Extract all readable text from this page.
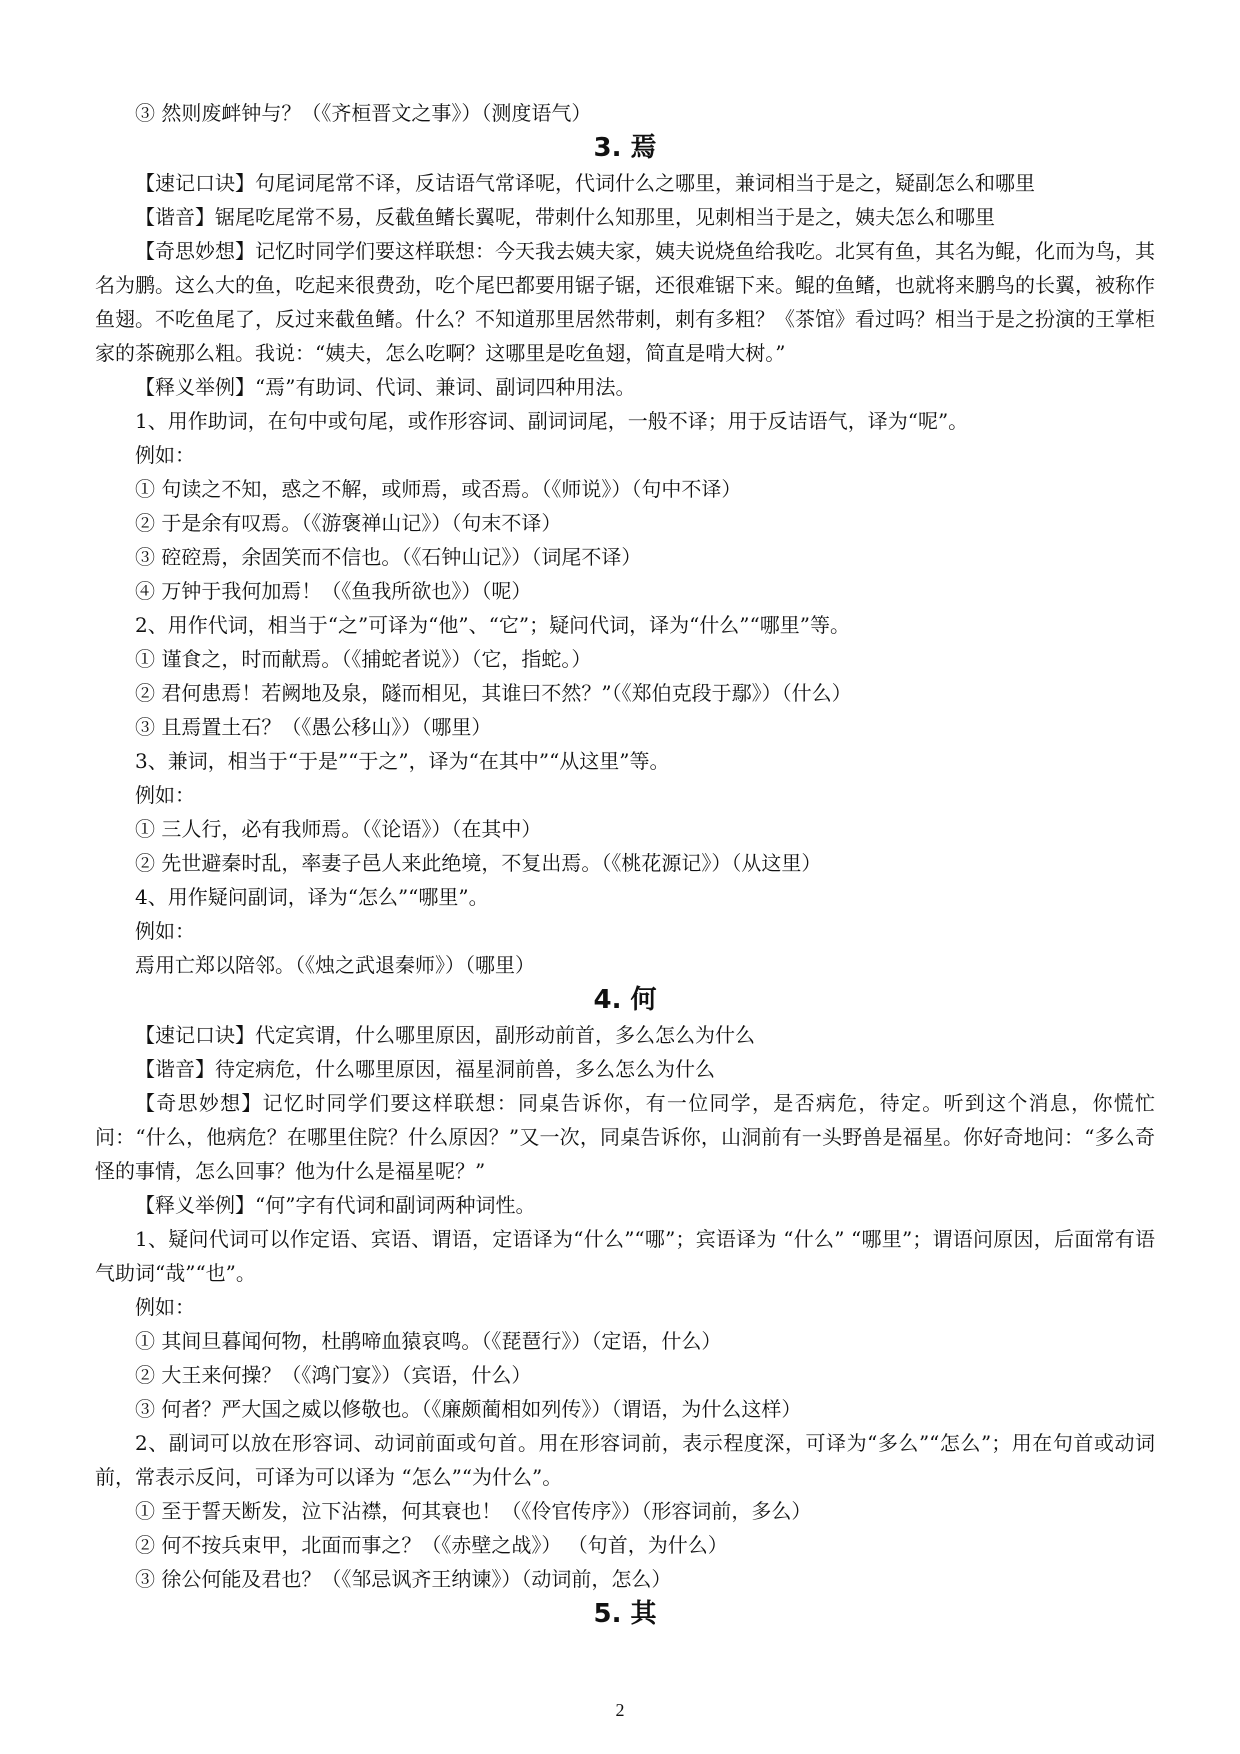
③ 然则废衅钟与？（《齐桓晋文之事》）（测度语气）
3. 焉
【速记口诀】句尾词尾常不译，反诘语气常译呢，代词什么之哪里，兼词相当于是之，疑副怎么和哪里
【谐音】锯尾吃尾常不易，反截鱼鳍长翼呢，带刺什么知那里，见刺相当于是之，姨夫怎么和哪里
【奇思妙想】记忆时同学们要这样联想：今天我去姨夫家，姨夫说烧鱼给我吃。北冥有鱼，其名为鲲，化而为鸟，其名为鹏。这么大的鱼，吃起来很费劲，吃个尾巴都要用锯子锯，还很难锯下来。鲲的鱼鳍，也就将来鹏鸟的长翼，被称作鱼翅。不吃鱼尾了，反过来截鱼鳍。什么？不知道那里居然带刺，刺有多粗？《茶馆》看过吗？相当于是之扮演的王掌柜家的茶碗那么粗。我说：“姨夫，怎么吃啊？这哪里是吃鱼翅，简直是啃大树。”
【释义举例】“焉”有助词、代词、兼词、副词四种用法。
1、用作助词，在句中或句尾，或作形容词、副词词尾，一般不译；用于反诘语气，译为“呢”。
例如：
① 句读之不知，惑之不解，或师焉，或否焉。（《师说》）（句中不译）
② 于是余有叹焉。（《游褒禅山记》）（句末不译）
③ 硿硿焉，余固笑而不信也。（《石钟山记》）（词尾不译）
④ 万钟于我何加焉！（《鱼我所欲也》）（呢）
2、用作代词，相当于“之”可译为“他”、“它”；疑问代词，译为“什么”“哪里”等。
① 谨食之，时而献焉。（《捕蛇者说》）（它，指蛇。）
② 君何患焉！若阙地及泉，隧而相见，其谁曰不然？”（《郑伯克段于鄢》）（什么）
③ 且焉置土石？（《愚公移山》）（哪里）
3、兼词，相当于“于是”“于之”，译为“在其中”“从这里”等。
例如：
① 三人行，必有我师焉。（《论语》）（在其中）
② 先世避秦时乱，率妻子邑人来此绝境，不复出焉。（《桃花源记》）（从这里）
4、用作疑问副词，译为“怎么”“哪里”。
例如：
焉用亡郑以陪邻。（《烛之武退秦师》）（哪里）
4. 何
【速记口诀】代定宾谓，什么哪里原因，副形动前首，多么怎么为什么
【谐音】待定病危，什么哪里原因，福星洞前兽，多么怎么为什么
【奇思妙想】记忆时同学们要这样联想：同桌告诉你，有一位同学，是否病危，待定。听到这个消息，你慌忙问：“什么，他病危？在哪里住院？什么原因？”又一次，同桌告诉你，山洞前有一头野兽是福星。你好奇地问：“多么奇怪的事情，怎么回事？他为什么是福星呢？”
【释义举例】“何”字有代词和副词两种词性。
1、疑问代词可以作定语、宾语、谓语，定语译为“什么”“哪”；宾语译为 “什么” “哪里”；谓语问原因，后面常有语气助词“哉”“也”。
例如：
① 其间旦暮闻何物，杜鹃啼血猿哀鸣。（《琵琶行》）（定语，什么）
② 大王来何操？（《鸿门宴》）（宾语，什么）
③ 何者？严大国之威以修敬也。（《廉颇蔺相如列传》）（谓语，为什么这样）
2、副词可以放在形容词、动词前面或句首。用在形容词前，表示程度深，可译为“多么”“怎么”；用在句首或动词前，常表示反问，可译为可以译为 “怎么”“为什么”。
① 至于誓天断发，泣下沾襟，何其衰也！（《伶官传序》）（形容词前，多么）
② 何不按兵束甲，北面而事之？（《赤壁之战》） （句首，为什么）
③ 徐公何能及君也？（《邹忌讽齐王纳谏》）（动词前，怎么）
5. 其
2
